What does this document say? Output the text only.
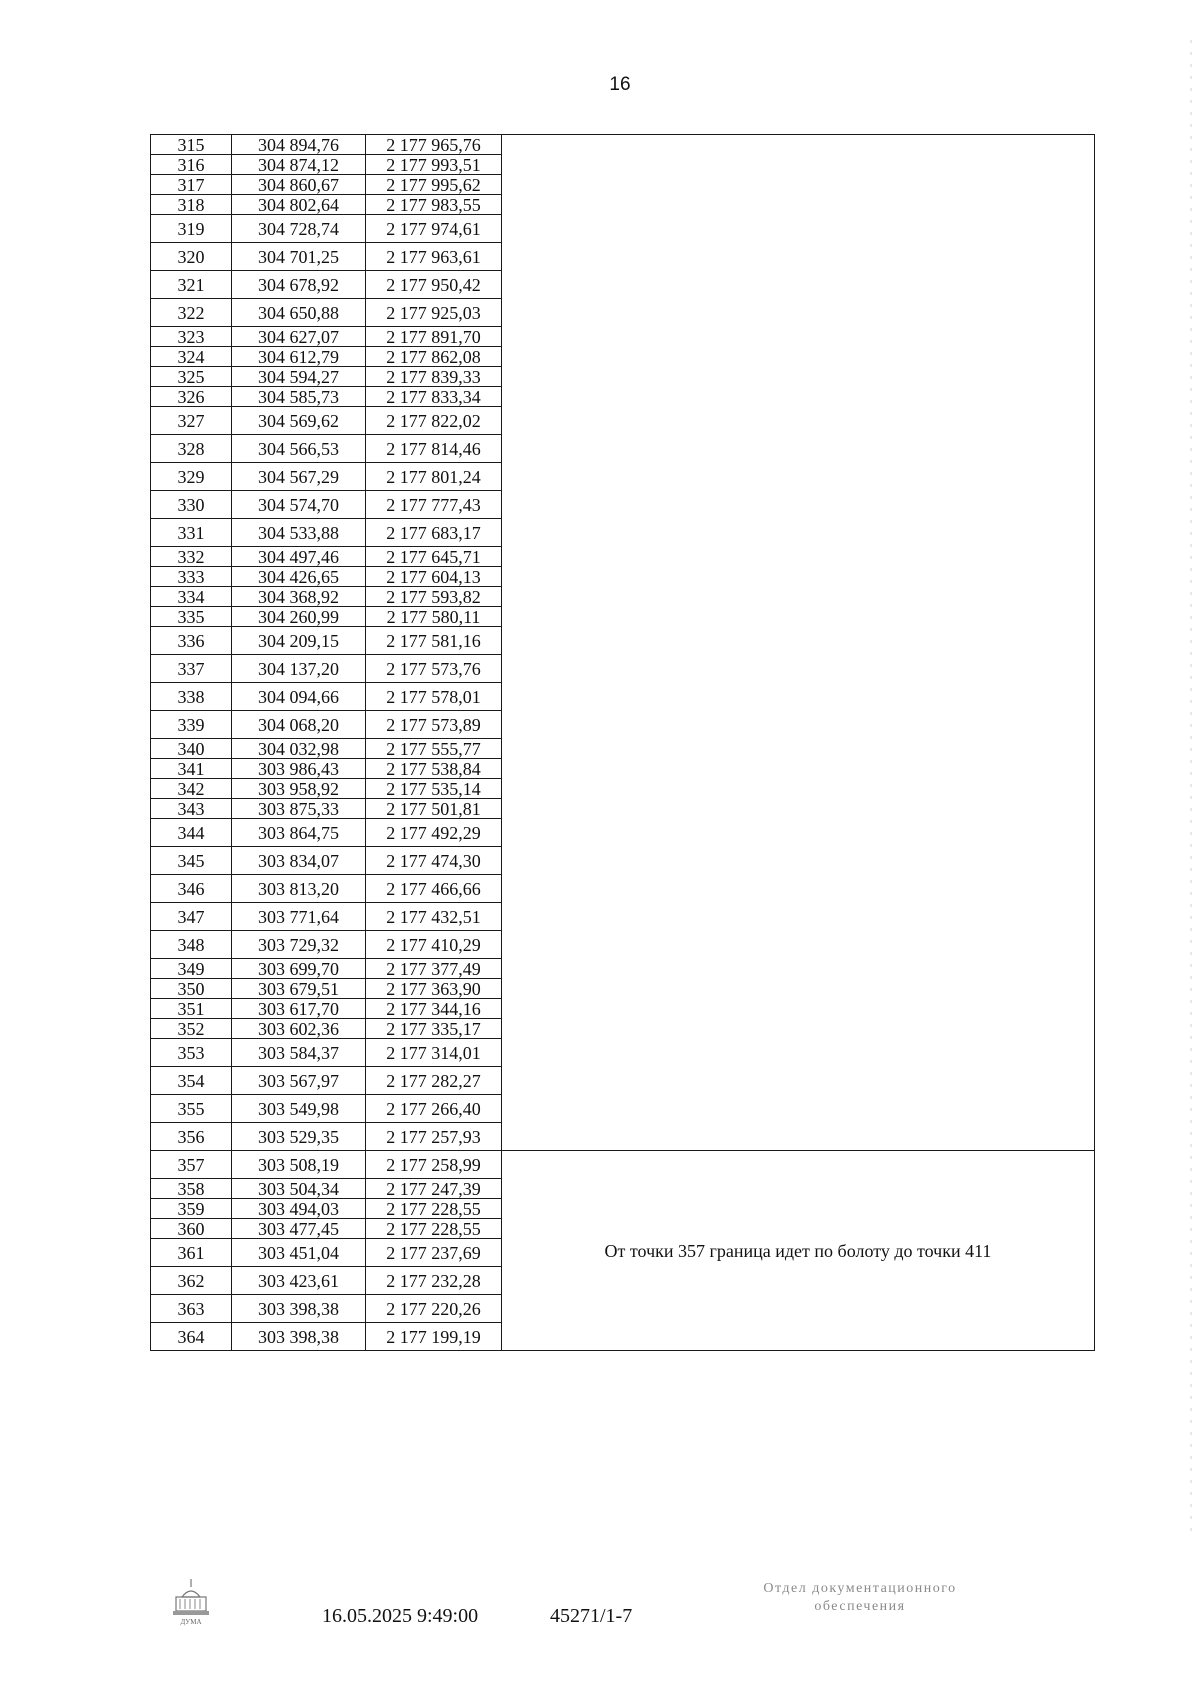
16
315	304 894,76	2 177 965,76	
316	304 874,12	2 177 993,51	
317	304 860,67	2 177 995,62	
318	304 802,64	2 177 983,55	
319	304 728,74	2 177 974,61	
320	304 701,25	2 177 963,61	
321	304 678,92	2 177 950,42	
322	304 650,88	2 177 925,03	
323	304 627,07	2 177 891,70	
324	304 612,79	2 177 862,08	
325	304 594,27	2 177 839,33	
326	304 585,73	2 177 833,34	
327	304 569,62	2 177 822,02	
328	304 566,53	2 177 814,46	
329	304 567,29	2 177 801,24	
330	304 574,70	2 177 777,43	
331	304 533,88	2 177 683,17	
332	304 497,46	2 177 645,71	
333	304 426,65	2 177 604,13	
334	304 368,92	2 177 593,82	
335	304 260,99	2 177 580,11	
336	304 209,15	2 177 581,16	
337	304 137,20	2 177 573,76	
338	304 094,66	2 177 578,01	
339	304 068,20	2 177 573,89	
340	304 032,98	2 177 555,77	
341	303 986,43	2 177 538,84	
342	303 958,92	2 177 535,14	
343	303 875,33	2 177 501,81	
344	303 864,75	2 177 492,29	
345	303 834,07	2 177 474,30	
346	303 813,20	2 177 466,66	
347	303 771,64	2 177 432,51	
348	303 729,32	2 177 410,29	
349	303 699,70	2 177 377,49	
350	303 679,51	2 177 363,90	
351	303 617,70	2 177 344,16	
352	303 602,36	2 177 335,17	
353	303 584,37	2 177 314,01	
354	303 567,97	2 177 282,27	
355	303 549,98	2 177 266,40	
356	303 529,35	2 177 257,93	
357	303 508,19	2 177 258,99	От точки 357 граница идет по болоту до точки 411
358	303 504,34	2 177 247,39	
359	303 494,03	2 177 228,55	
360	303 477,45	2 177 228,55	
361	303 451,04	2 177 237,69	
362	303 423,61	2 177 232,28	
363	303 398,38	2 177 220,26	
364	303 398,38	2 177 199,19	
ДУМА	16.05.2025 9:49:00	45271/1-7
Отдел документационного
обеспечения
